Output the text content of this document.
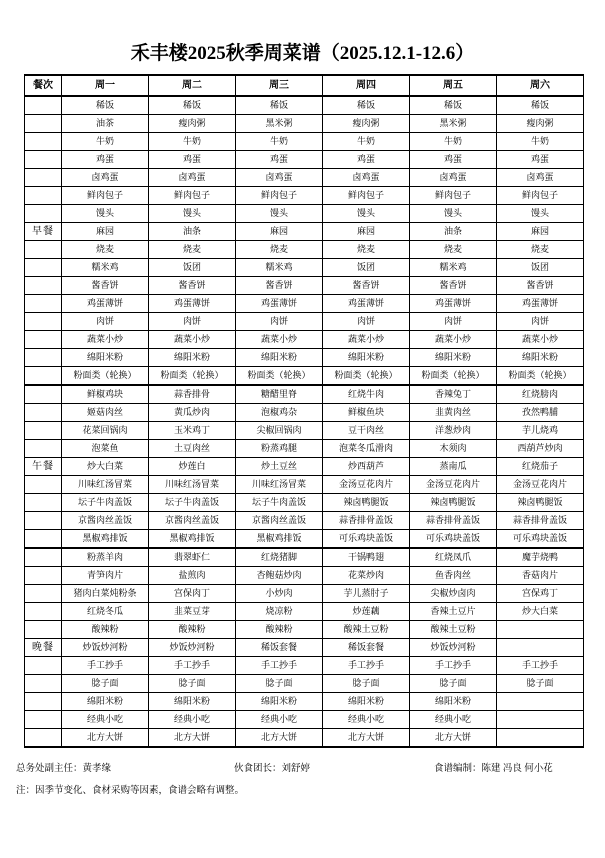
禾丰楼2025秋季周菜谱（2025.12.1-12.6）
餐次	周一	周二	周三	周四	周五	周六
	稀饭	稀饭	稀饭	稀饭	稀饭	稀饭
	油茶	瘦肉粥	黑米粥	瘦肉粥	黑米粥	瘦肉粥
	牛奶	牛奶	牛奶	牛奶	牛奶	牛奶
	鸡蛋	鸡蛋	鸡蛋	鸡蛋	鸡蛋	鸡蛋
	卤鸡蛋	卤鸡蛋	卤鸡蛋	卤鸡蛋	卤鸡蛋	卤鸡蛋
	鲜肉包子	鲜肉包子	鲜肉包子	鲜肉包子	鲜肉包子	鲜肉包子
	馒头	馒头	馒头	馒头	馒头	馒头
早餐	麻园	油条	麻园	麻园	油条	麻园
	烧麦	烧麦	烧麦	烧麦	烧麦	烧麦
	糯米鸡	饭团	糯米鸡	饭团	糯米鸡	饭团
	酱香饼	酱香饼	酱香饼	酱香饼	酱香饼	酱香饼
	鸡蛋薄饼	鸡蛋薄饼	鸡蛋薄饼	鸡蛋薄饼	鸡蛋薄饼	鸡蛋薄饼
	肉饼	肉饼	肉饼	肉饼	肉饼	肉饼
	蔬菜小炒	蔬菜小炒	蔬菜小炒	蔬菜小炒	蔬菜小炒	蔬菜小炒
	绵阳米粉	绵阳米粉	绵阳米粉	绵阳米粉	绵阳米粉	绵阳米粉
	粉面类（轮换）	粉面类（轮换）	粉面类（轮换）	粉面类（轮换）	粉面类（轮换）	粉面类（轮换）
	鲜椒鸡块	蒜香排骨	糖醋里脊	红烧牛肉	香辣兔丁	红烧膀肉
	姬菇肉丝	黄瓜炒肉	泡椒鸡杂	鲜椒鱼块	韭黄肉丝	孜然鸭脯
	花菜回锅肉	玉米鸡丁	尖椒回锅肉	豆干肉丝	洋葱炒肉	芋儿烧鸡
	泡菜鱼	土豆肉丝	粉蒸鸡腿	泡菜冬瓜滑肉	木须肉	西葫芦炒肉
午餐	炒大白菜	炒莲白	炒土豆丝	炒西葫芦	蒸南瓜	红烧茄子
	川味红汤冒菜	川味红汤冒菜	川味红汤冒菜	金汤豆花肉片	金汤豆花肉片	金汤豆花肉片
	坛子牛肉盖饭	坛子牛肉盖饭	坛子牛肉盖饭	辣卤鸭腿饭	辣卤鸭腿饭	辣卤鸭腿饭
	京酱肉丝盖饭	京酱肉丝盖饭	京酱肉丝盖饭	蒜香排骨盖饭	蒜香排骨盖饭	蒜香排骨盖饭
	黑椒鸡排饭	黑椒鸡排饭	黑椒鸡排饭	可乐鸡块盖饭	可乐鸡块盖饭	可乐鸡块盖饭
	粉蒸羊肉	翡翠虾仁	红烧猪脚	干锅鸭翅	红烧凤爪	魔芋烧鸭
	青笋肉片	盐煎肉	杏鲍菇炒肉	花菜炒肉	鱼香肉丝	香菇肉片
	猪肉白菜炖粉条	宫保肉丁	小炒肉	芋儿蒸肘子	尖椒炒卤肉	宫保鸡丁
	红烧冬瓜	韭菜豆芽	烧凉粉	炒莲藕	香辣土豆片	炒大白菜
	酸辣粉	酸辣粉	酸辣粉	酸辣土豆粉	酸辣土豆粉	
晚餐	炒饭炒河粉	炒饭炒河粉	稀饭套餐	稀饭套餐	炒饭炒河粉	
	手工抄手	手工抄手	手工抄手	手工抄手	手工抄手	手工抄手
	腍子面	腍子面	腍子面	腍子面	腍子面	腍子面
	绵阳米粉	绵阳米粉	绵阳米粉	绵阳米粉	绵阳米粉	
	经典小吃	经典小吃	经典小吃	经典小吃	经典小吃	
	北方大饼	北方大饼	北方大饼	北方大饼	北方大饼	
总务处副主任：黄孝缘	伙食团长：刘舒婷	食谱编制：陈建 冯良 何小花
注：因季节变化、食材采购等因素，食谱会略有调整。
